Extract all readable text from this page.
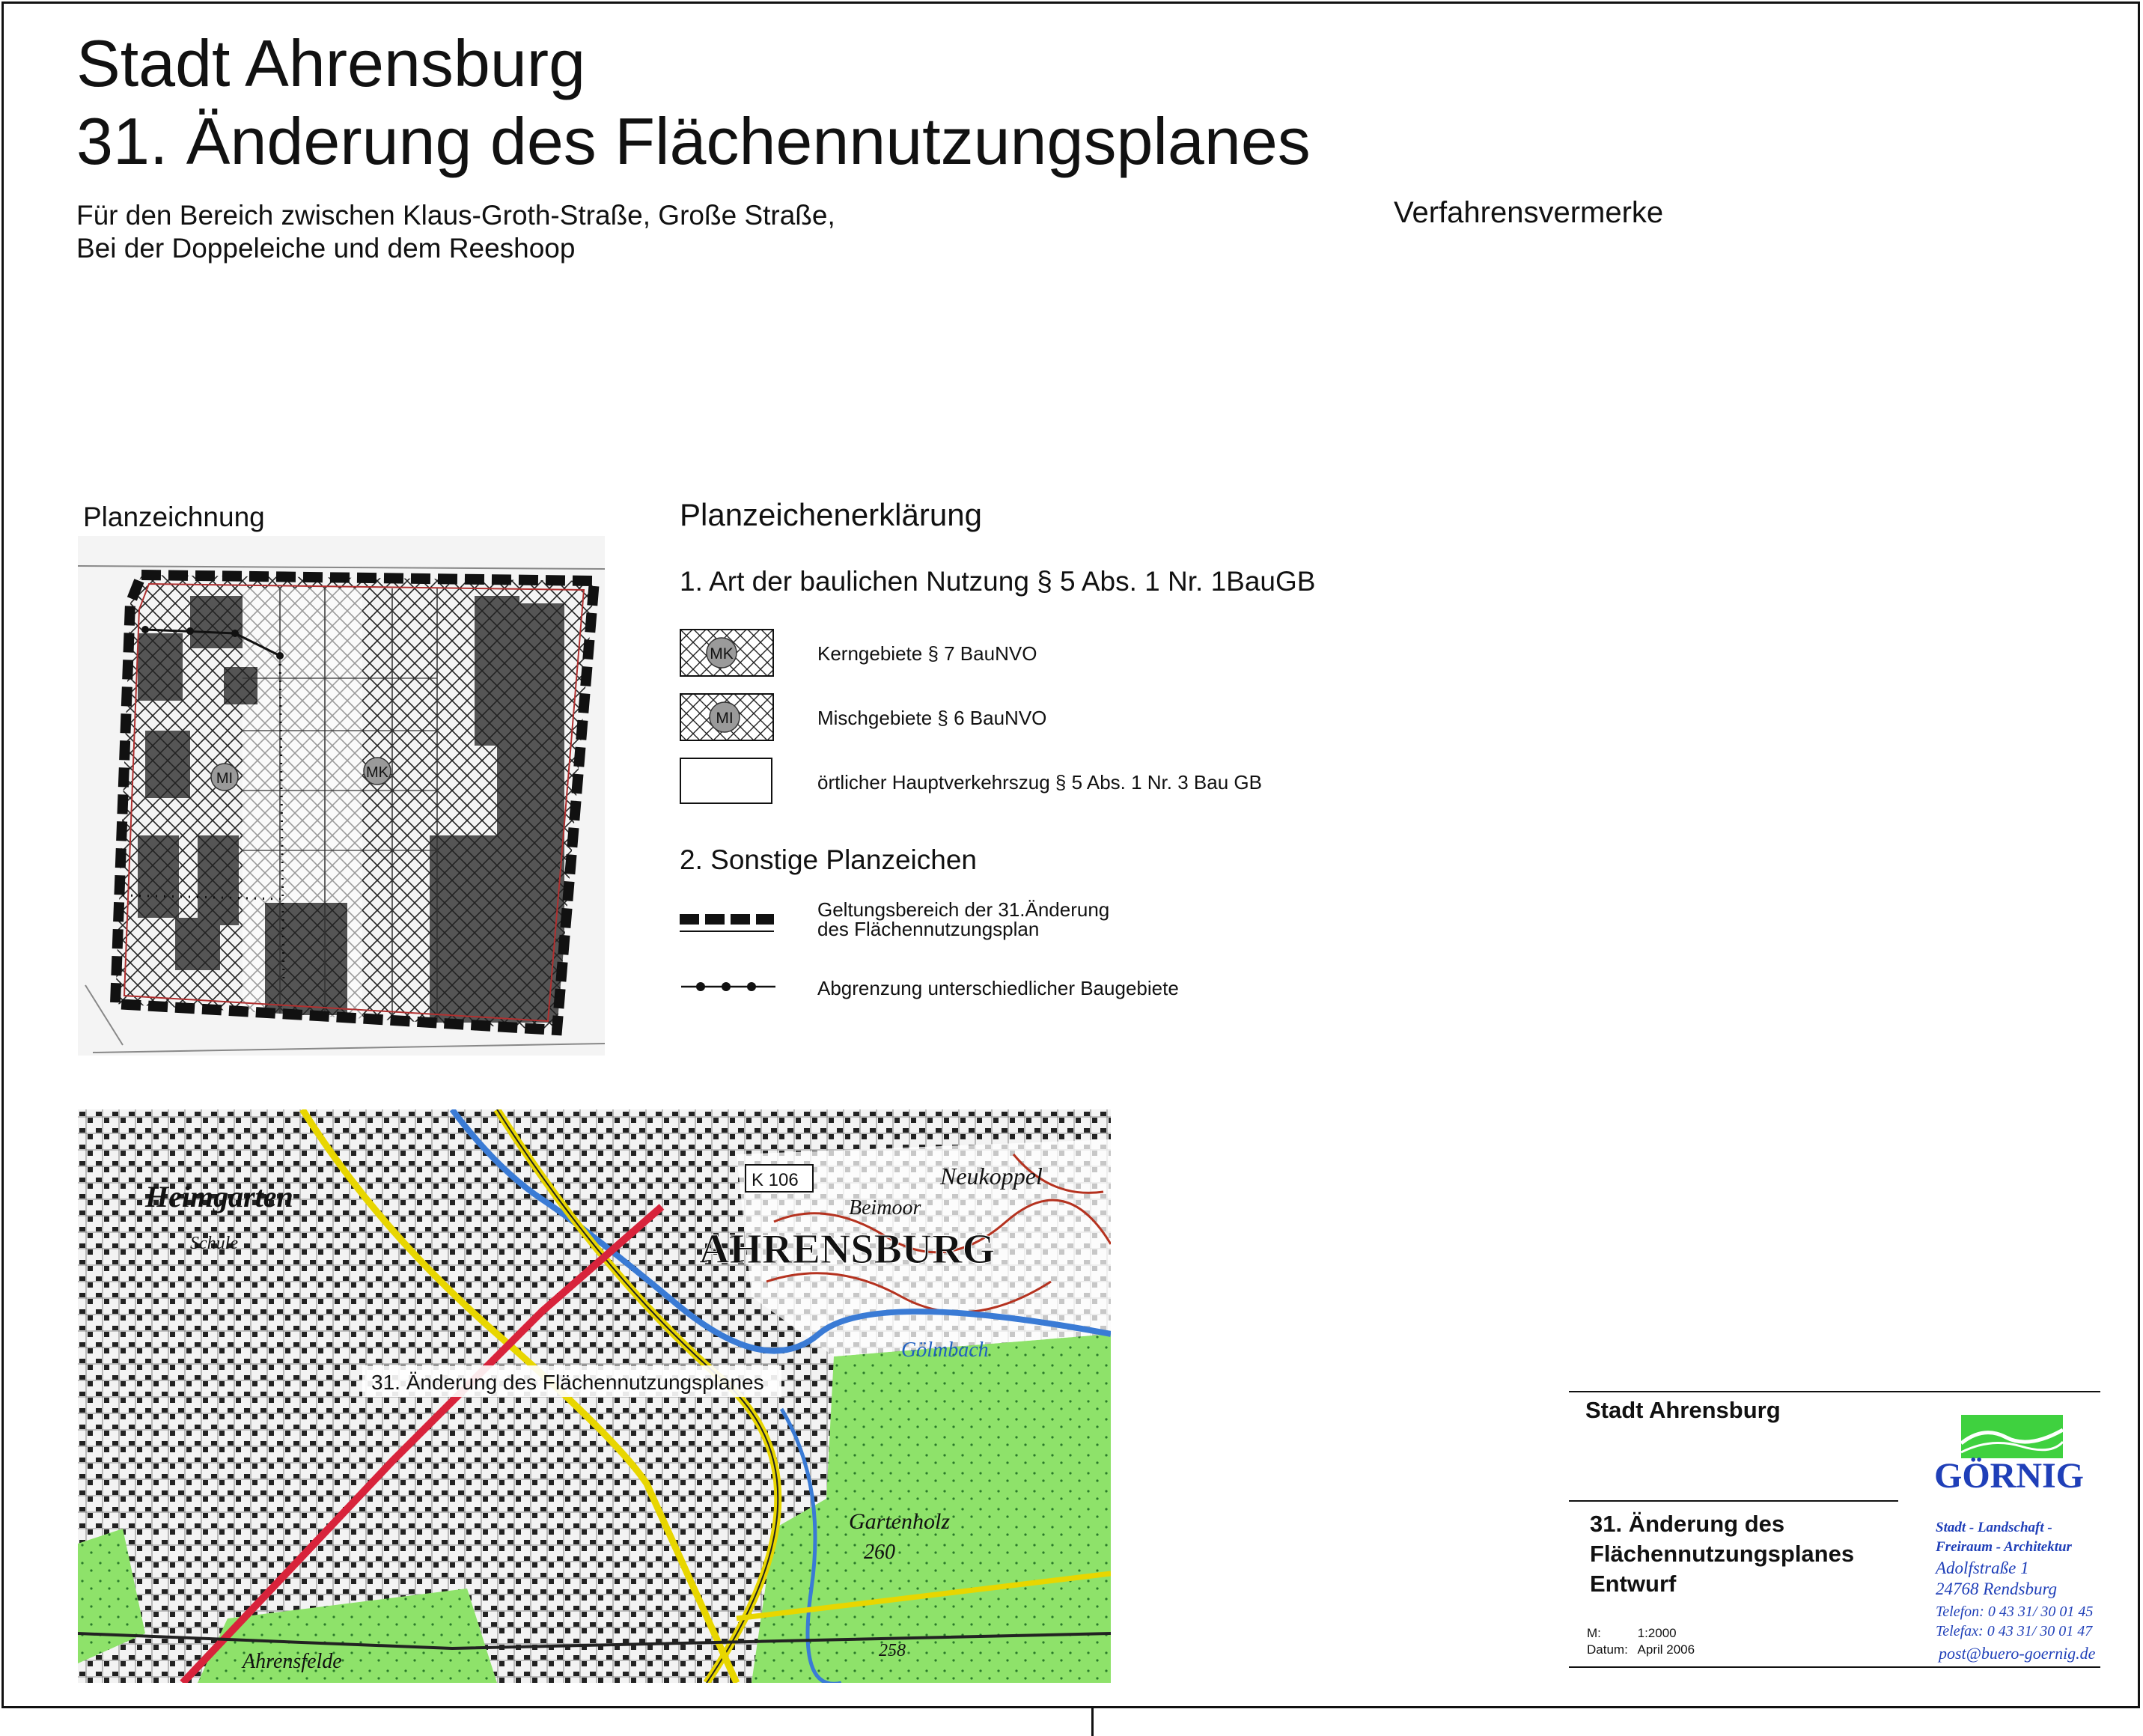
Stadt Ahrensburg
31. Änderung des Flächennutzungsplanes
Für den Bereich zwischen Klaus-Groth-Straße, Große Straße,
Bei der Doppeleiche und dem Reeshoop
Verfahrensvermerke
Planzeichnung
MI	MK
Planzeichenerklärung
1. Art der baulichen Nutzung § 5 Abs. 1 Nr. 1BauGB
MK	Kerngebiete § 7 BauNVO
MI	Mischgebiete § 6 BauNVO
örtlicher Hauptverkehrszug § 5 Abs. 1 Nr. 3 Bau GB
2. Sonstige Planzeichen
Geltungsbereich der 31.Änderung
des Flächennutzungsplan
Abgrenzung unterschiedlicher Baugebiete
31. Änderung des Flächennutzungsplanes
AHRENSBURG
K 106	Neukoppel
Beimoor
Heimgarten
Schule
Gartenholz
260
258
Ahrensfelde
Gölmbach
Stadt Ahrensburg
31. Änderung des
Flächennutzungsplanes
Entwurf
M:	1:2000
Datum: April 2006
GÖRNIG
Stadt - Landschaft -
Freiraum - Architektur
Adolfstraße 1
24768 Rendsburg
Telefon: 0 43 31/ 30 01 45
Telefax: 0 43 31/ 30 01 47
post@buero-goernig.de
